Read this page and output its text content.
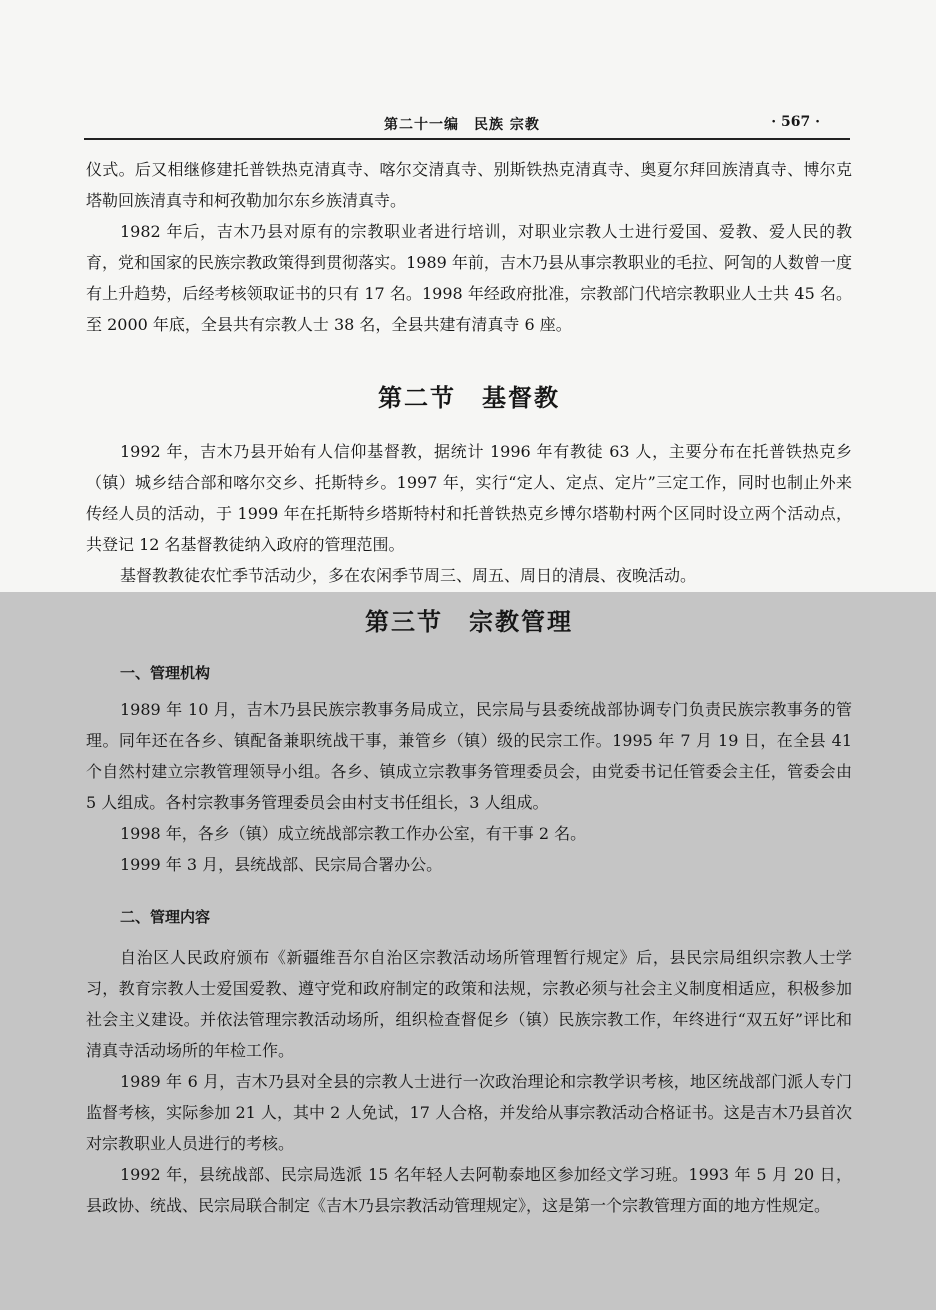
第二十一编　民族 宗教	· 567 ·

仪式。后又相继修建托普铁热克清真寺、喀尔交清真寺、别斯铁热克清真寺、奥夏尔拜回族清真寺、博尔克塔勒回族清真寺和柯孜勒加尔东乡族清真寺。

1982 年后，吉木乃县对原有的宗教职业者进行培训，对职业宗教人士进行爱国、爱教、爱人民的教育，党和国家的民族宗教政策得到贯彻落实。1989 年前，吉木乃县从事宗教职业的毛拉、阿訇的人数曾一度有上升趋势，后经考核领取证书的只有 17 名。1998 年经政府批准，宗教部门代培宗教职业人士共 45 名。至 2000 年底，全县共有宗教人士 38 名，全县共建有清真寺 6 座。

第二节　基督教

1992 年，吉木乃县开始有人信仰基督教，据统计 1996 年有教徒 63 人，主要分布在托普铁热克乡（镇）城乡结合部和喀尔交乡、托斯特乡。1997 年，实行“定人、定点、定片”三定工作，同时也制止外来传经人员的活动，于 1999 年在托斯特乡塔斯特村和托普铁热克乡博尔塔勒村两个区同时设立两个活动点，共登记 12 名基督教徒纳入政府的管理范围。

基督教教徒农忙季节活动少，多在农闲季节周三、周五、周日的清晨、夜晚活动。

第三节　宗教管理
一、管理机构

1989 年 10 月，吉木乃县民族宗教事务局成立，民宗局与县委统战部协调专门负责民族宗教事务的管理。同年还在各乡、镇配备兼职统战干事，兼管乡（镇）级的民宗工作。1995 年 7 月 19 日，在全县 41 个自然村建立宗教管理领导小组。各乡、镇成立宗教事务管理委员会，由党委书记任管委会主任，管委会由 5 人组成。各村宗教事务管理委员会由村支书任组长，3 人组成。

1998 年，各乡（镇）成立统战部宗教工作办公室，有干事 2 名。

1999 年 3 月，县统战部、民宗局合署办公。

二、管理内容

自治区人民政府颁布《新疆维吾尔自治区宗教活动场所管理暂行规定》后，县民宗局组织宗教人士学习，教育宗教人士爱国爱教、遵守党和政府制定的政策和法规，宗教必须与社会主义制度相适应，积极参加社会主义建设。并依法管理宗教活动场所，组织检查督促乡（镇）民族宗教工作，年终进行“双五好”评比和清真寺活动场所的年检工作。

1989 年 6 月，吉木乃县对全县的宗教人士进行一次政治理论和宗教学识考核，地区统战部门派人专门监督考核，实际参加 21 人，其中 2 人免试，17 人合格，并发给从事宗教活动合格证书。这是吉木乃县首次对宗教职业人员进行的考核。

1992 年，县统战部、民宗局选派 15 名年轻人去阿勒泰地区参加经文学习班。1993 年 5 月 20 日，县政协、统战、民宗局联合制定《吉木乃县宗教活动管理规定》，这是第一个宗教管理方面的地方性规定。
